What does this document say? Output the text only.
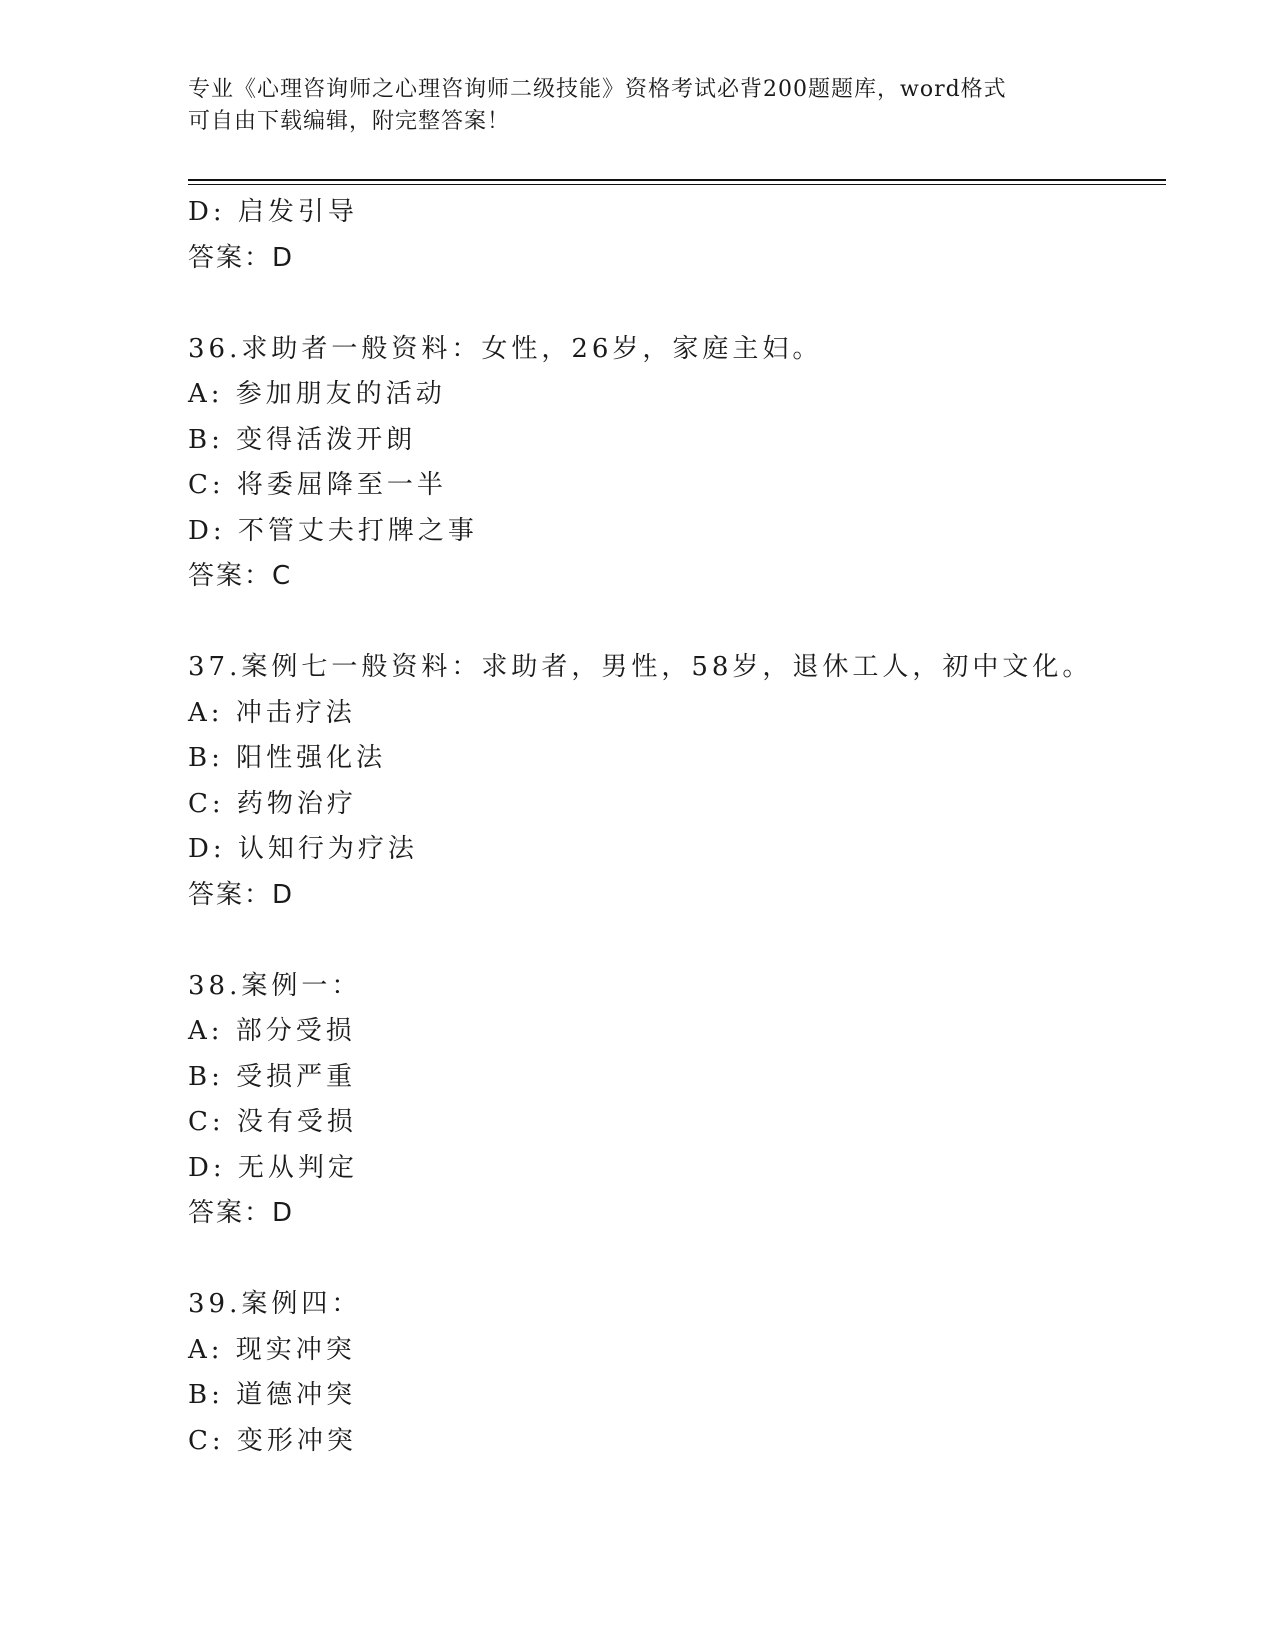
专业《心理咨询师之心理咨询师二级技能》资格考试必背200题题库，word格式
可自由下载编辑，附完整答案！
D: 启发引导
答案：D
36.求助者一般资料：女性，26岁，家庭主妇。
A: 参加朋友的活动
B: 变得活泼开朗
C: 将委屈降至一半
D: 不管丈夫打牌之事
答案：C
37.案例七一般资料：求助者，男性，58岁，退休工人，初中文化。
A: 冲击疗法
B: 阳性强化法
C: 药物治疗
D: 认知行为疗法
答案：D
38.案例一：
A: 部分受损
B: 受损严重
C: 没有受损
D: 无从判定
答案：D
39.案例四：
A: 现实冲突
B: 道德冲突
C: 变形冲突
